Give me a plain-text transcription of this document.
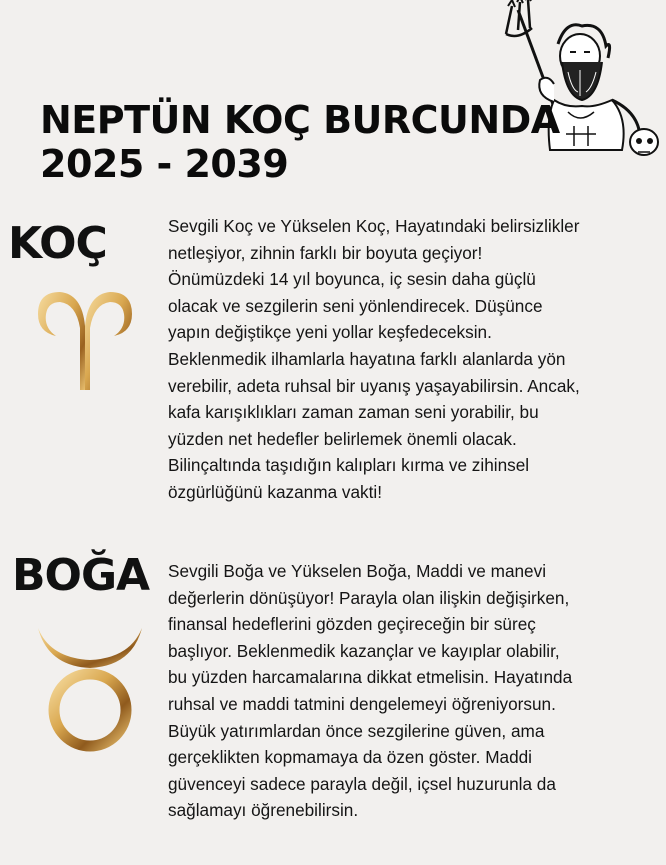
NEPTÜN KOÇ BURCUNDA
2025 - 2039
KOÇ	Sevgili Koç ve Yükselen Koç, Hayatındaki belirsizlikler
netleşiyor, zihnin farklı bir boyuta geçiyor!
Önümüzdeki 14 yıl boyunca, iç sesin daha güçlü
olacak ve sezgilerin seni yönlendirecek. Düşünce
yapın değiştikçe yeni yollar keşfedeceksin.
Beklenmedik ilhamlarla hayatına farklı alanlarda yön
verebilir, adeta ruhsal bir uyanış yaşayabilirsin. Ancak,
kafa karışıklıkları zaman zaman seni yorabilir, bu
yüzden net hedefler belirlemek önemli olacak.
Bilinçaltında taşıdığın kalıpları kırma ve zihinsel
özgürlüğünü kazanma vakti!
BOĞA Sevgili Boğa ve Yükselen Boğa, Maddi ve manevi
değerlerin dönüşüyor! Parayla olan ilişkin değişirken,
finansal hedeflerini gözden geçireceğin bir süreç
başlıyor. Beklenmedik kazançlar ve kayıplar olabilir,
bu yüzden harcamalarına dikkat etmelisin. Hayatında
ruhsal ve maddi tatmini dengelemeyi öğreniyorsun.
Büyük yatırımlardan önce sezgilerine güven, ama
gerçeklikten kopmamaya da özen göster. Maddi
güvenceyi sadece parayla değil, içsel huzurunla da
sağlamayı öğrenebilirsin.
